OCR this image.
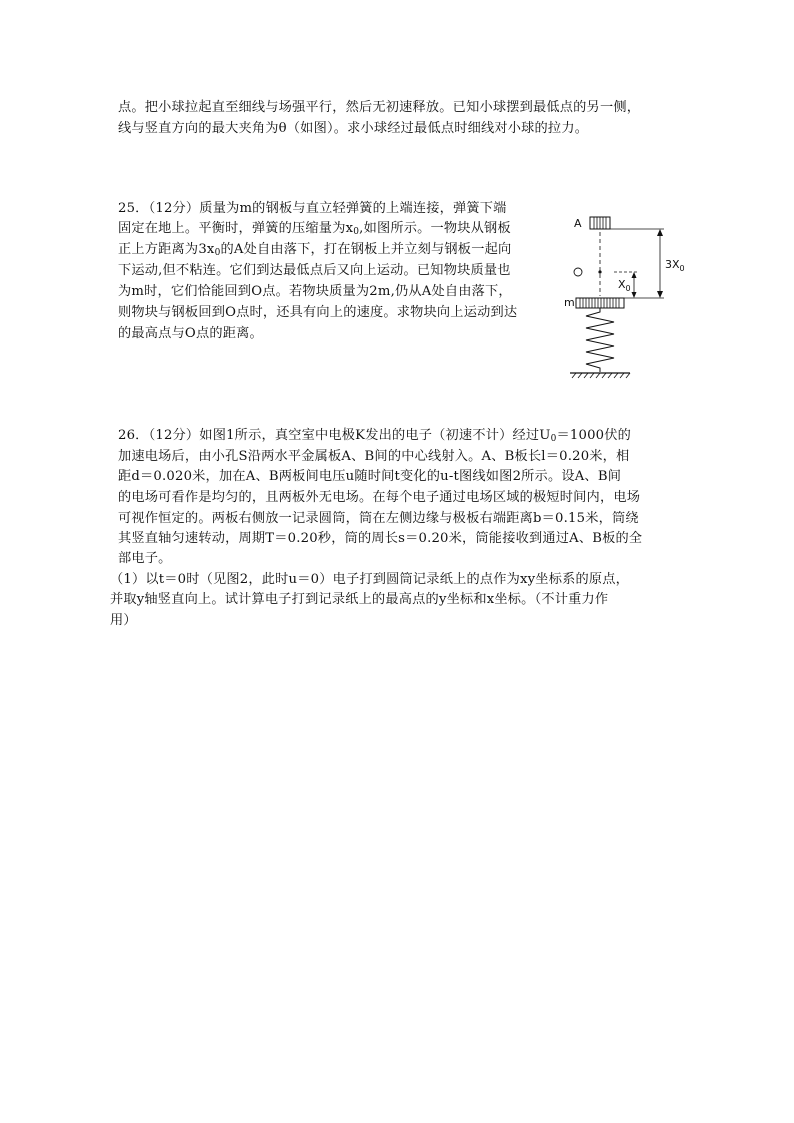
点。把小球拉起直至细线与场强平行，然后无初速释放。已知小球摆到最低点的另一侧，
线与竖直方向的最大夹角为θ（如图）。求小球经过最低点时细线对小球的拉力。
25．（12分）质量为m的钢板与直立轻弹簧的上端连接，弹簧下端
固定在地上。平衡时，弹簧的压缩量为$x_0$,如图所示。一物块从钢板
正上方距离为$3x_0$的A处自由落下，打在钢板上并立刻与钢板一起向
下运动,但不粘连。它们到达最低点后又向上运动。已知物块质量也
为m时，它们恰能回到O点。若物块质量为2m,仍从A处自由落下，
则物块与钢板回到O点时，还具有向上的速度。求物块向上运动到达
的最高点与O点的距离。
A
$3X_0$
$X_0$
m
26．（12分）如图1所示，真空室中电极K发出的电子（初速不计）经过$U_0=1000$伏的
加速电场后，由小孔S沿两水平金属板A、B间的中心线射入。A、B板长l＝0.20米，相
距d＝0.020米，加在A、B两板间电压u随时间t变化的u-t图线如图2所示。设A、B间
的电场可看作是均匀的，且两板外无电场。在每个电子通过电场区域的极短时间内，电场
可视作恒定的。两板右侧放一记录圆筒，筒在左侧边缘与极板右端距离b＝0.15米，筒绕
其竖直轴匀速转动，周期T＝0.20秒，筒的周长s＝0.20米，筒能接收到通过A、B板的全
部电子。
（1）以t＝0时（见图2，此时u＝0）电子打到圆筒记录纸上的点作为xy坐标系的原点，
并取y轴竖直向上。试计算电子打到记录纸上的最高点的y坐标和x坐标。（不计重力作
用）
